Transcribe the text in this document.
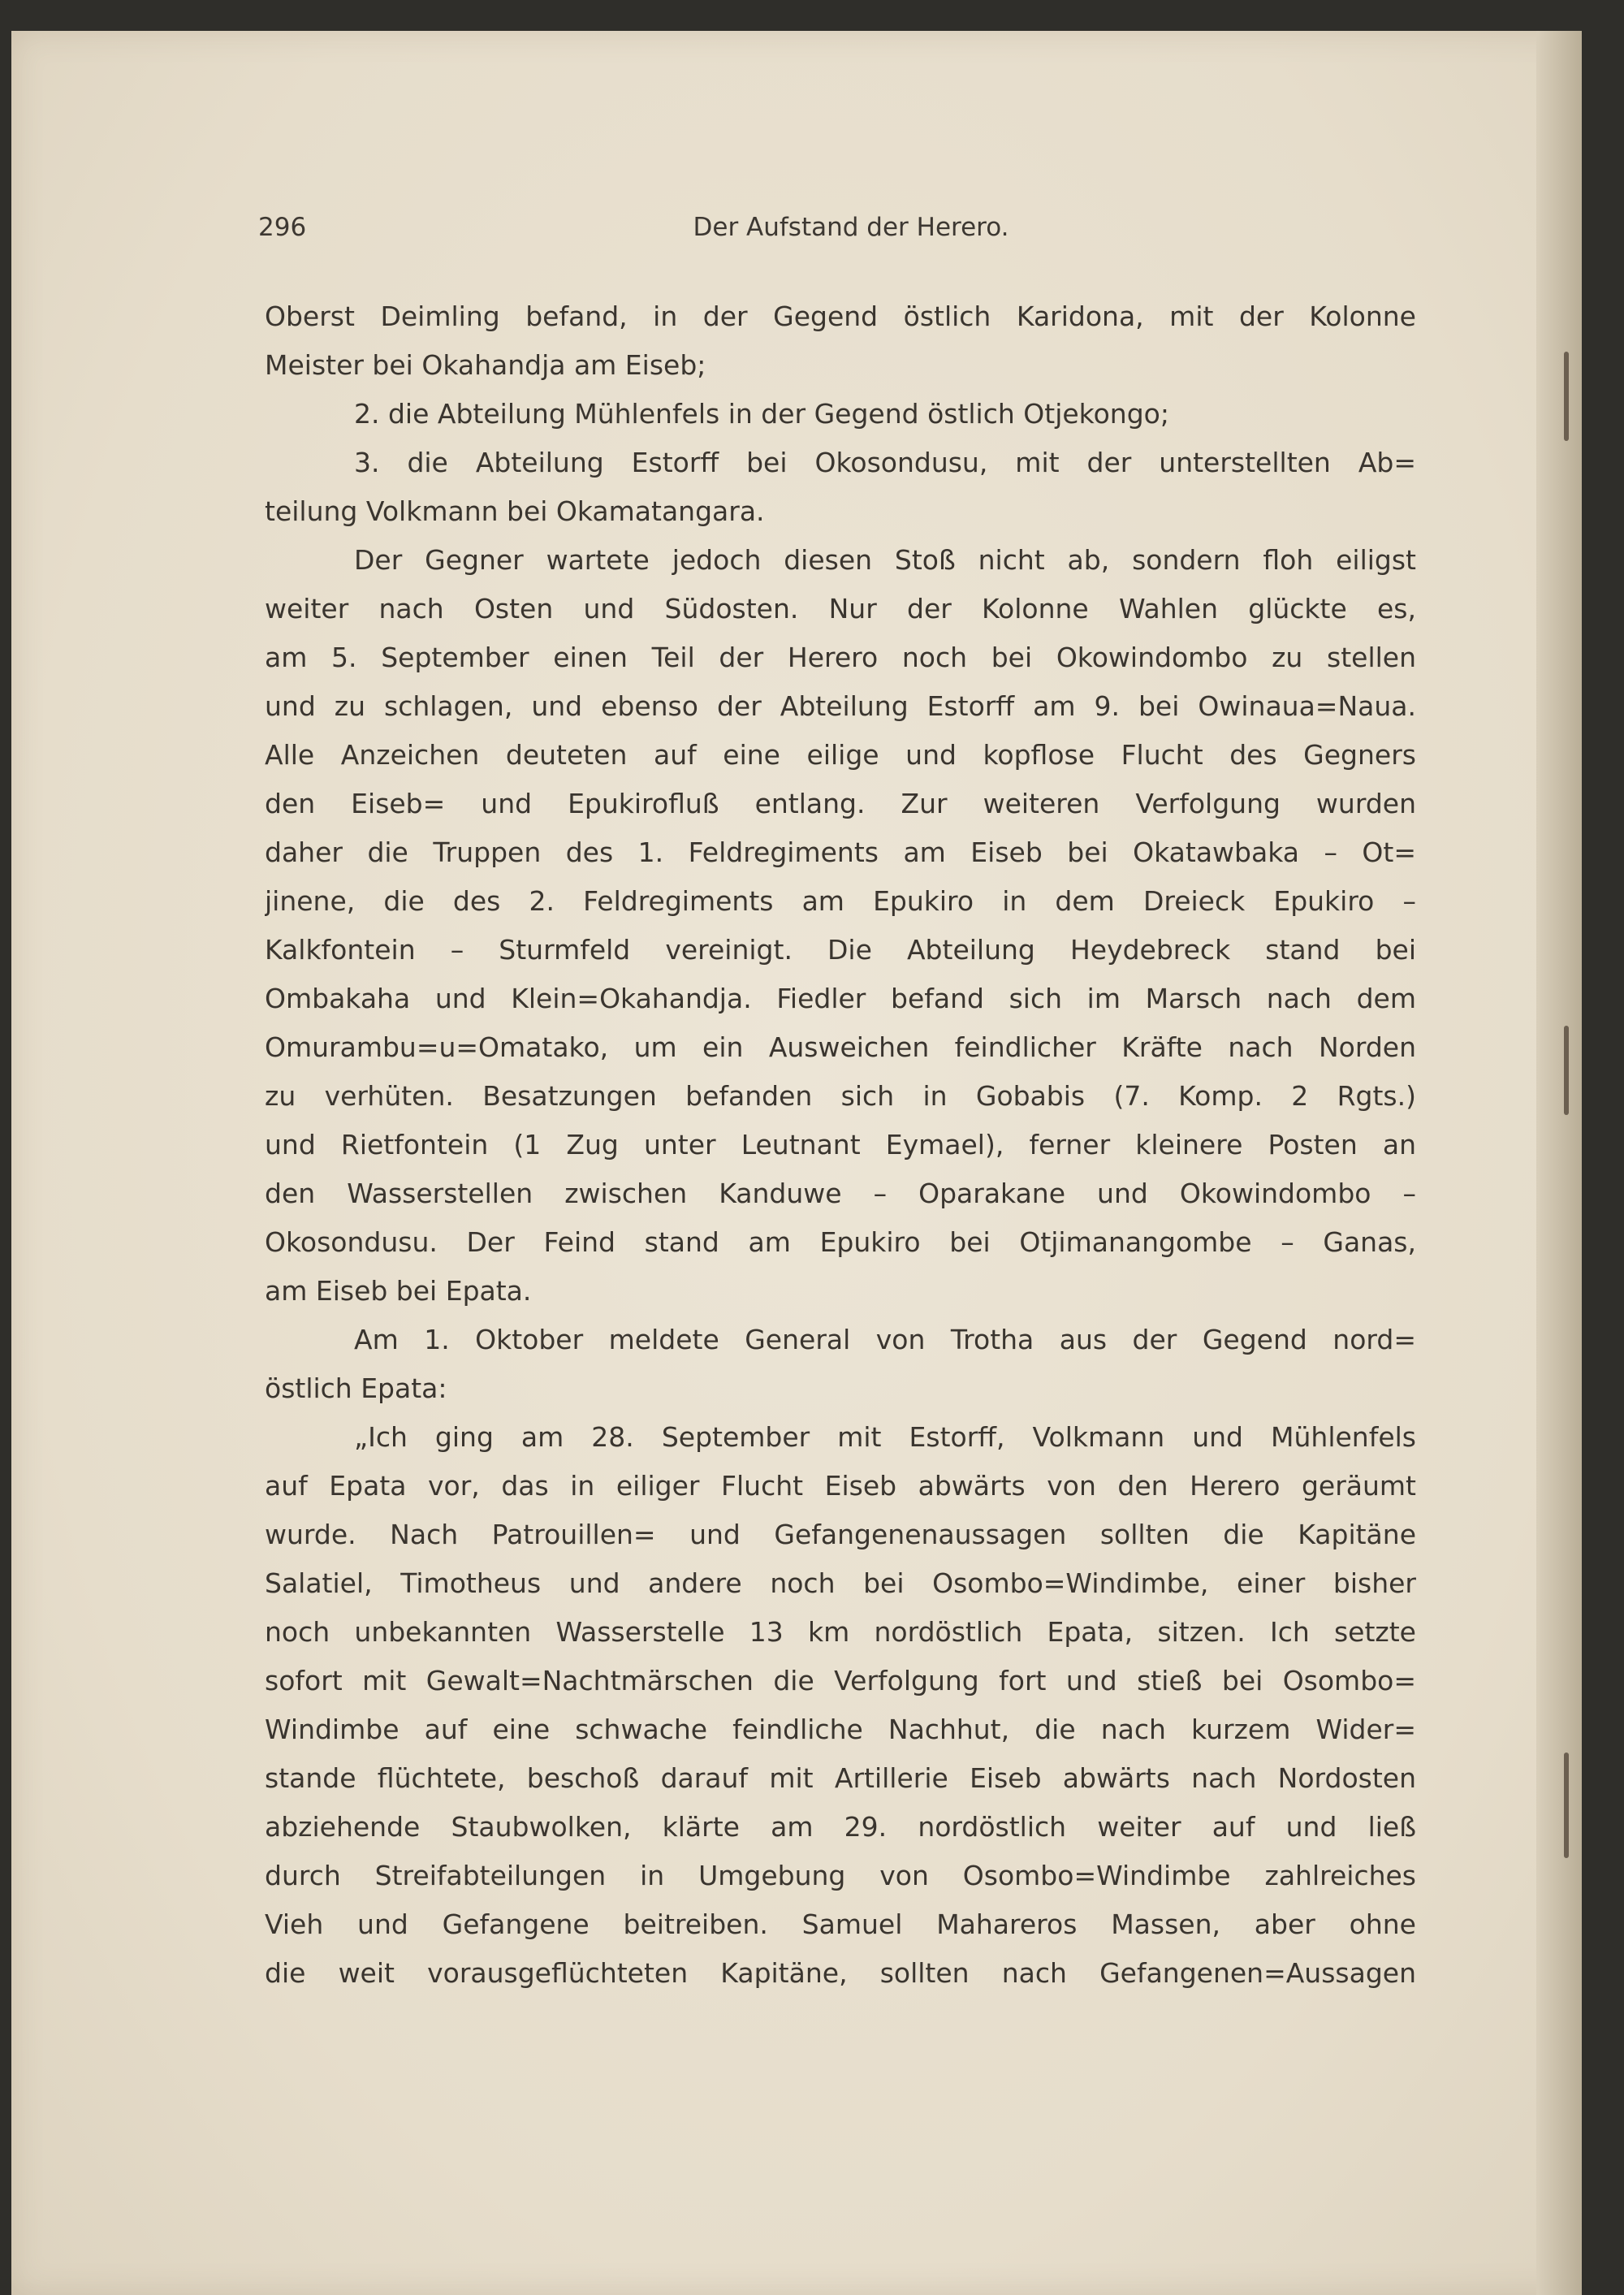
296	Der Aufstand der Herero.
Oberst Deimling befand, in der Gegend östlich Karidona, mit der Kolonne
Meister bei Okahandja am Eiseb;
2. die Abteilung Mühlenfels in der Gegend östlich Otjekongo;
3. die Abteilung Estorff bei Okosondusu, mit der unterstellten Ab=
teilung Volkmann bei Okamatangara.
Der Gegner wartete jedoch diesen Stoß nicht ab, sondern floh eiligst
weiter nach Osten und Südosten. Nur der Kolonne Wahlen glückte es,
am 5. September einen Teil der Herero noch bei Okowindombo zu stellen
und zu schlagen, und ebenso der Abteilung Estorff am 9. bei Owinaua=Naua.
Alle Anzeichen deuteten auf eine eilige und kopflose Flucht des Gegners
den Eiseb= und Epukirofluß entlang. Zur weiteren Verfolgung wurden
daher die Truppen des 1. Feldregiments am Eiseb bei Okatawbaka – Ot=
jinene, die des 2. Feldregiments am Epukiro in dem Dreieck Epukiro –
Kalkfontein – Sturmfeld vereinigt. Die Abteilung Heydebreck stand bei
Ombakaha und Klein=Okahandja. Fiedler befand sich im Marsch nach dem
Omurambu=u=Omatako, um ein Ausweichen feindlicher Kräfte nach Norden
zu verhüten. Besatzungen befanden sich in Gobabis (7. Komp. 2 Rgts.)
und Rietfontein (1 Zug unter Leutnant Eymael), ferner kleinere Posten an
den Wasserstellen zwischen Kanduwe – Oparakane und Okowindombo –
Okosondusu. Der Feind stand am Epukiro bei Otjimanangombe – Ganas,
am Eiseb bei Epata.
Am 1. Oktober meldete General von Trotha aus der Gegend nord=
östlich Epata:
„Ich ging am 28. September mit Estorff, Volkmann und Mühlenfels
auf Epata vor, das in eiliger Flucht Eiseb abwärts von den Herero geräumt
wurde. Nach Patrouillen= und Gefangenenaussagen sollten die Kapitäne
Salatiel, Timotheus und andere noch bei Osombo=Windimbe, einer bisher
noch unbekannten Wasserstelle 13 km nordöstlich Epata, sitzen. Ich setzte
sofort mit Gewalt=Nachtmärschen die Verfolgung fort und stieß bei Osombo=
Windimbe auf eine schwache feindliche Nachhut, die nach kurzem Wider=
stande flüchtete, beschoß darauf mit Artillerie Eiseb abwärts nach Nordosten
abziehende Staubwolken, klärte am 29. nordöstlich weiter auf und ließ
durch Streifabteilungen in Umgebung von Osombo=Windimbe zahlreiches
Vieh und Gefangene beitreiben. Samuel Mahareros Massen, aber ohne
die weit vorausgeflüchteten Kapitäne, sollten nach Gefangenen=Aussagen
